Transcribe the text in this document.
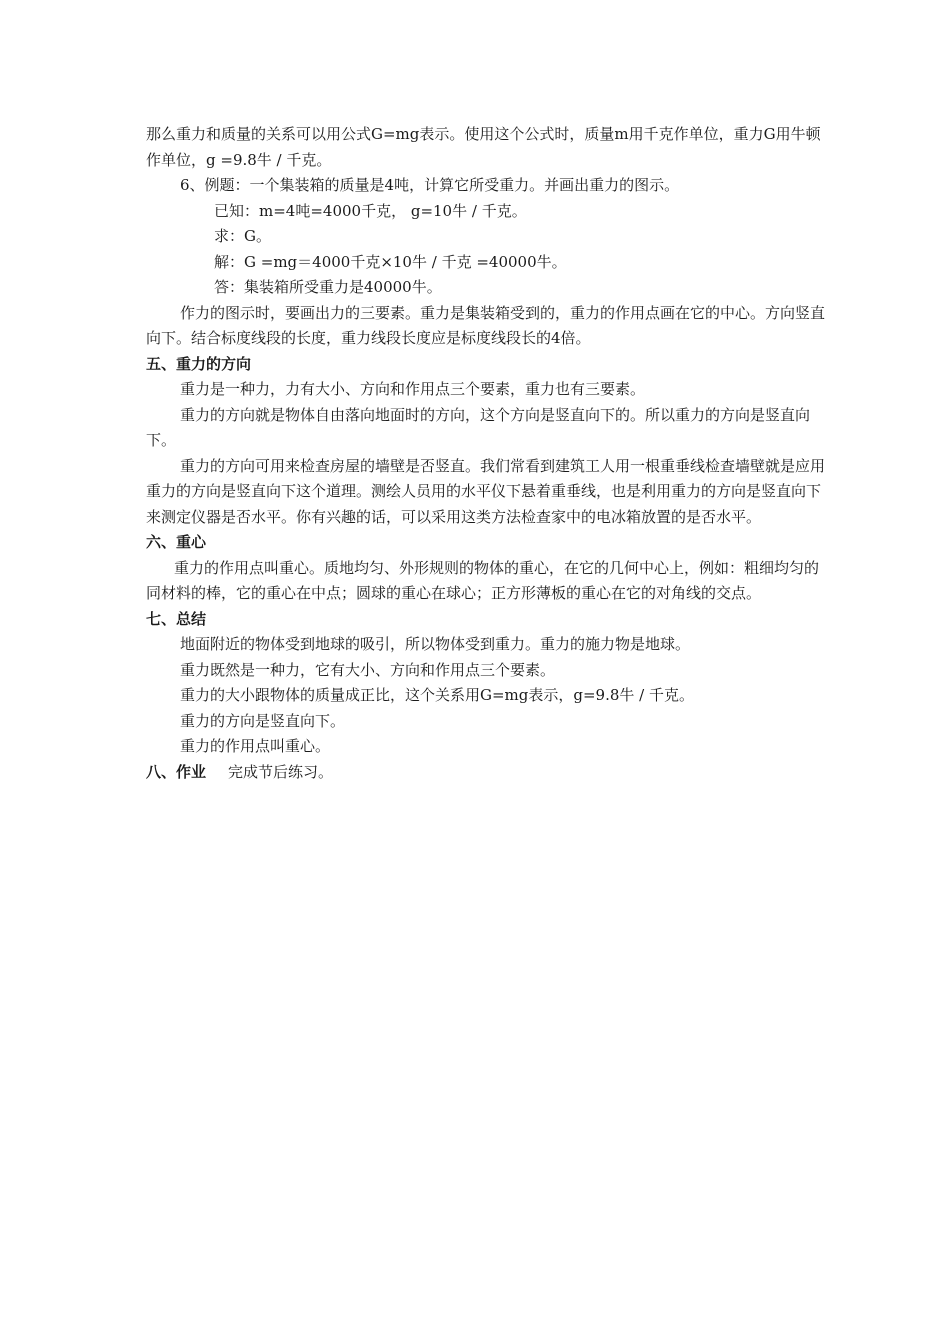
那么重力和质量的关系可以用公式G=mg表示。使用这个公式时，质量m用千克作单位，重力G用牛顿作单位，g =9.8牛 / 千克。

6、例题：一个集装箱的质量是4吨，计算它所受重力。并画出重力的图示。

已知：m=4吨=4000千克， g=10牛 / 千克。

求：G。

解：G =mg＝4000千克×10牛 / 千克 =40000牛。

答：集装箱所受重力是40000牛。

作力的图示时，要画出力的三要素。重力是集装箱受到的，重力的作用点画在它的中心。方向竖直向下。结合标度线段的长度，重力线段长度应是标度线段长的4倍。

五、重力的方向

重力是一种力，力有大小、方向和作用点三个要素，重力也有三要素。

重力的方向就是物体自由落向地面时的方向，这个方向是竖直向下的。所以重力的方向是竖直向下。

重力的方向可用来检查房屋的墙壁是否竖直。我们常看到建筑工人用一根重垂线检查墙壁就是应用重力的方向是竖直向下这个道理。测绘人员用的水平仪下悬着重垂线，也是利用重力的方向是竖直向下来测定仪器是否水平。你有兴趣的话，可以采用这类方法检查家中的电冰箱放置的是否水平。

六、重心

重力的作用点叫重心。质地均匀、外形规则的物体的重心，在它的几何中心上，例如：粗细均匀的同材料的棒，它的重心在中点；圆球的重心在球心；正方形薄板的重心在它的对角线的交点。

七、总结

地面附近的物体受到地球的吸引，所以物体受到重力。重力的施力物是地球。

重力既然是一种力，它有大小、方向和作用点三个要素。

重力的大小跟物体的质量成正比，这个关系用G=mg表示，g=9.8牛 / 千克。

重力的方向是竖直向下。

重力的作用点叫重心。

八、作业 完成节后练习。
